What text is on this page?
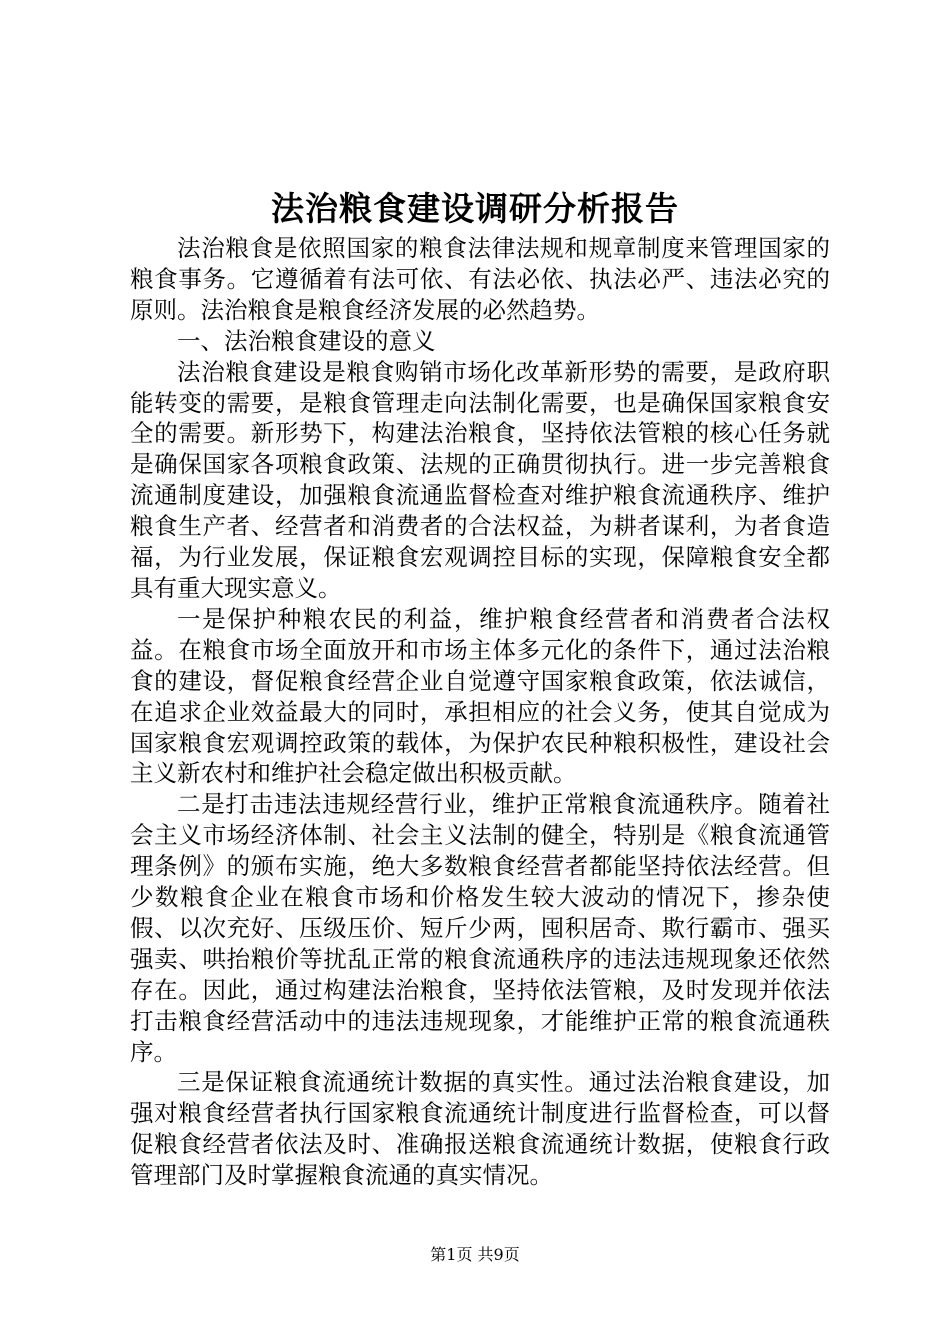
法治粮食建设调研分析报告

法治粮食是依照国家的粮食法律法规和规章制度来管理国家的粮食事务。它遵循着有法可依、有法必依、执法必严、违法必究的原则。法治粮食是粮食经济发展的必然趋势。

一、法治粮食建设的意义

法治粮食建设是粮食购销市场化改革新形势的需要，是政府职能转变的需要，是粮食管理走向法制化需要，也是确保国家粮食安全的需要。新形势下，构建法治粮食，坚持依法管粮的核心任务就是确保国家各项粮食政策、法规的正确贯彻执行。进一步完善粮食流通制度建设，加强粮食流通监督检查对维护粮食流通秩序、维护粮食生产者、经营者和消费者的合法权益，为耕者谋利，为者食造福，为行业发展，保证粮食宏观调控目标的实现，保障粮食安全都具有重大现实意义。

一是保护种粮农民的利益，维护粮食经营者和消费者合法权益。在粮食市场全面放开和市场主体多元化的条件下，通过法治粮食的建设，督促粮食经营企业自觉遵守国家粮食政策，依法诚信，在追求企业效益最大的同时，承担相应的社会义务，使其自觉成为国家粮食宏观调控政策的载体，为保护农民种粮积极性，建设社会主义新农村和维护社会稳定做出积极贡献。

二是打击违法违规经营行业，维护正常粮食流通秩序。随着社会主义市场经济体制、社会主义法制的健全，特别是《粮食流通管理条例》的颁布实施，绝大多数粮食经营者都能坚持依法经营。但少数粮食企业在粮食市场和价格发生较大波动的情况下，掺杂使假、以次充好、压级压价、短斤少两，囤积居奇、欺行霸市、强买强卖、哄抬粮价等扰乱正常的粮食流通秩序的违法违规现象还依然存在。因此，通过构建法治粮食，坚持依法管粮，及时发现并依法打击粮食经营活动中的违法违规现象，才能维护正常的粮食流通秩序。

三是保证粮食流通统计数据的真实性。通过法治粮食建设，加强对粮食经营者执行国家粮食流通统计制度进行监督检查，可以督促粮食经营者依法及时、准确报送粮食流通统计数据，使粮食行政管理部门及时掌握粮食流通的真实情况。

第1页 共9页
